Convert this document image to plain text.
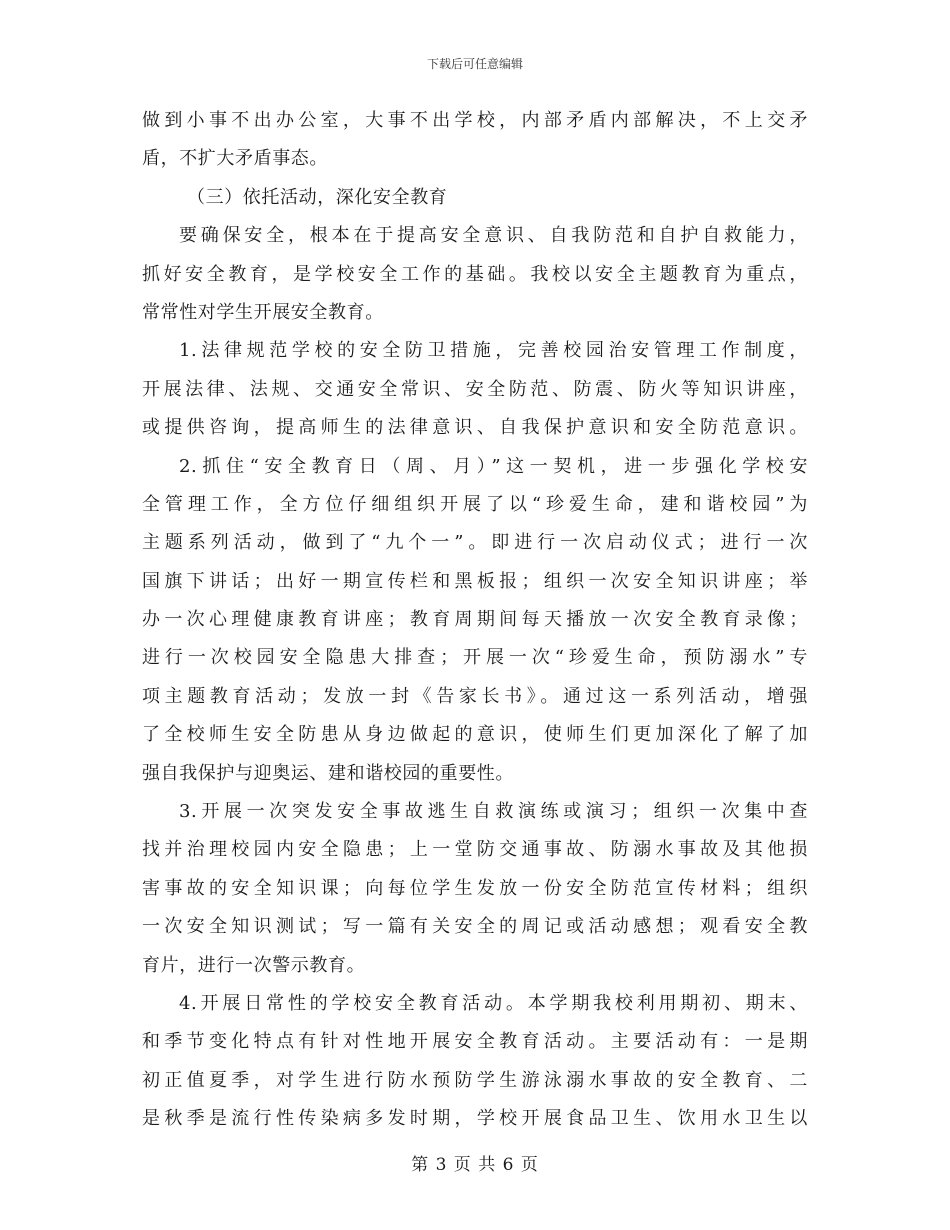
下载后可任意编辑
做到小事不出办公室，大事不出学校，内部矛盾内部解决，不上交矛
盾，不扩大矛盾事态。
（三）依托活动，深化安全教育
要确保安全，根本在于提高安全意识、自我防范和自护自救能力，
抓好安全教育，是学校安全工作的基础。我校以安全主题教育为重点，
常常性对学生开展安全教育。
1.法律规范学校的安全防卫措施，完善校园治安管理工作制度，
开展法律、法规、交通安全常识、安全防范、防震、防火等知识讲座，
或提供咨询，提高师生的法律意识、自我保护意识和安全防范意识。
2.抓住“安全教育日（周、月）”这一契机，进一步强化学校安
全管理工作，全方位仔细组织开展了以“珍爱生命，建和谐校园”为
主题系列活动，做到了“九个一”。即进行一次启动仪式；进行一次
国旗下讲话；出好一期宣传栏和黑板报；组织一次安全知识讲座；举
办一次心理健康教育讲座；教育周期间每天播放一次安全教育录像；
进行一次校园安全隐患大排查；开展一次“珍爱生命，预防溺水”专
项主题教育活动；发放一封《告家长书》。通过这一系列活动，增强
了全校师生安全防患从身边做起的意识，使师生们更加深化了解了加
强自我保护与迎奥运、建和谐校园的重要性。
3.开展一次突发安全事故逃生自救演练或演习；组织一次集中查
找并治理校园内安全隐患；上一堂防交通事故、防溺水事故及其他损
害事故的安全知识课；向每位学生发放一份安全防范宣传材料；组织
一次安全知识测试；写一篇有关安全的周记或活动感想；观看安全教
育片，进行一次警示教育。
4.开展日常性的学校安全教育活动。本学期我校利用期初、期末、
和季节变化特点有针对性地开展安全教育活动。主要活动有：一是期
初正值夏季，对学生进行防水预防学生游泳溺水事故的安全教育、二
是秋季是流行性传染病多发时期，学校开展食品卫生、饮用水卫生以
第 3 页 共 6 页
